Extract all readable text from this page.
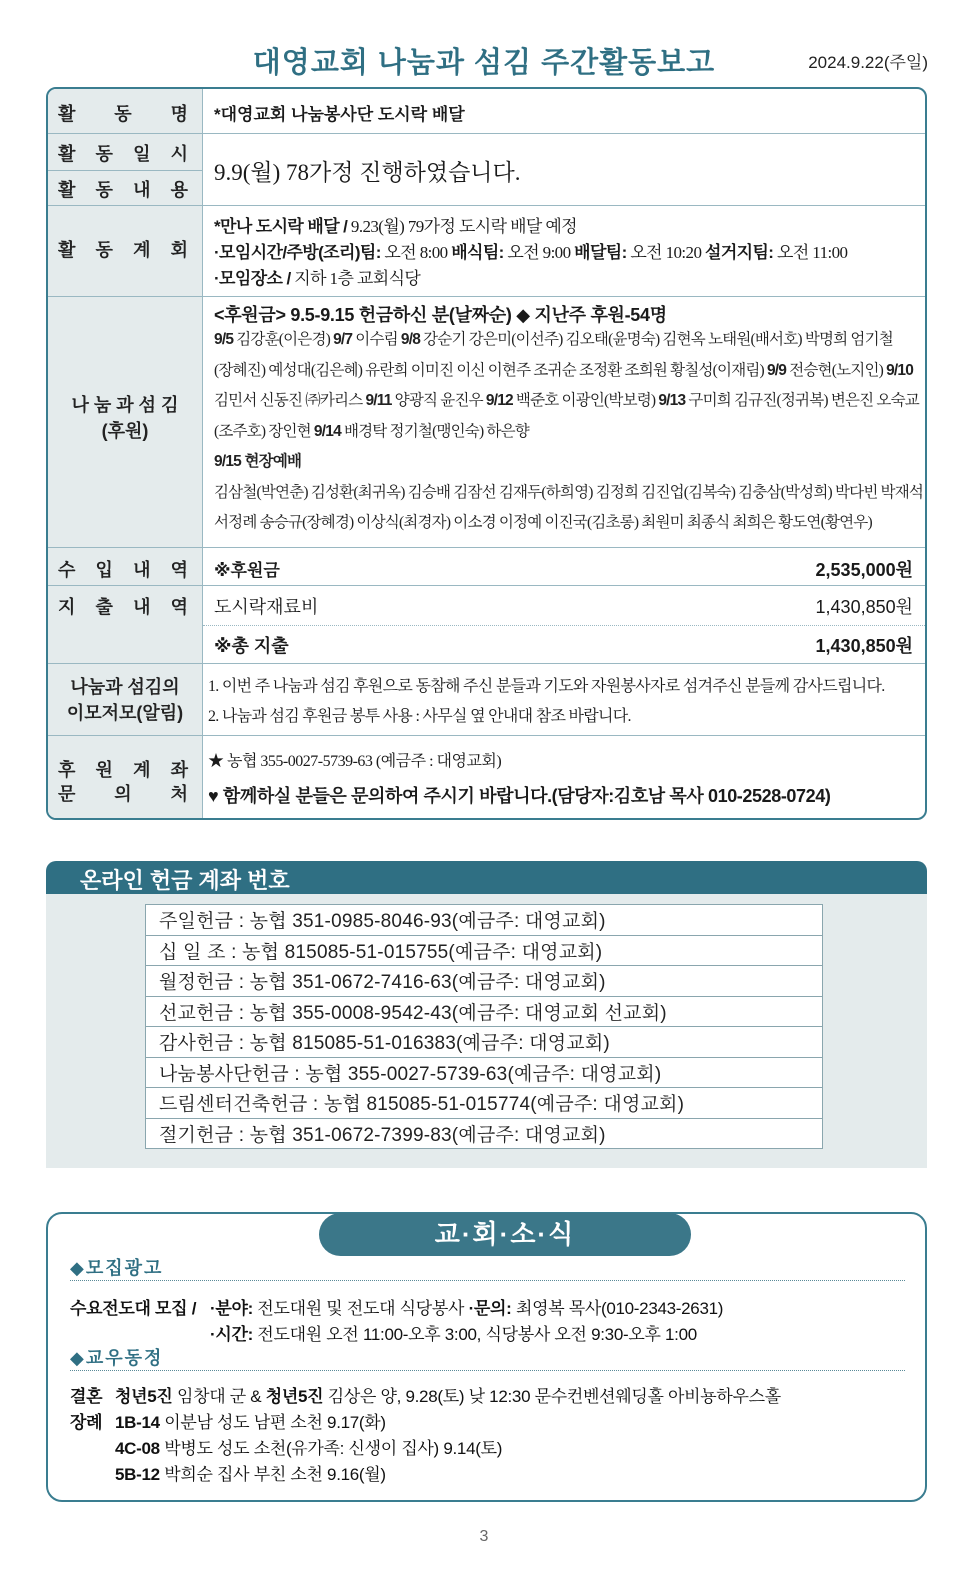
대영교회 나눔과 섬김 주간활동보고	2024.9.22(주일)
활 동 명 *대영교회 나눔봉사단 도시락 배달
활 동 일 시
활 동 내 용
9.9(월) 78가정 진행하였습니다.
활 동 계 회
*만나 도시락 배달 / 9.23(월) 79가정 도시락 배달 예정
·모임시간/주방(조리)팀: 오전 8:00 배식팀: 오전 9:00 배달팀: 오전 10:20 설거지팀: 오전 11:00
·모임장소 / 지하 1층 교회식당
나 눔 과 섬 김
(후원)
<후원금> 9.5-9.15 헌금하신 분(날짜순) ◆ 지난주 후원-54명
9/5 김강훈(이은경) 9/7 이수림 9/8 강순기 강은미(이선주) 김오태(윤명숙) 김현옥 노태원(배서호) 박명희 엄기철
(장혜진) 예성대(김은혜) 유란희 이미진 이신 이현주 조귀순 조정환 조희원 황칠성(이재림) 9/9 전승현(노지인) 9/10
김민서 신동진 ㈜카리스 9/11 양광직 윤진우 9/12 백준호 이광인(박보령) 9/13 구미희 김규진(정귀복) 변은진 오숙교
(조주호) 장인현 9/14 배경탁 정기철(맹인숙) 하은향
9/15 현장예배
김삼철(박연춘) 김성환(최귀옥) 김승배 김잠선 김재두(하희영) 김정희 김진업(김복숙) 김충삼(박성희) 박다빈 박재석
서정례 송승규(장혜경) 이상식(최경자) 이소경 이정예 이진국(김초롱) 최원미 최종식 최희은 황도연(황연우)
수 입 내 역 ※후원금	2,535,000원
지 출 내 역 도시락재료비	1,430,850원
※총 지출	1,430,850원
나눔과 섬김의
이모저모(알림)
1. 이번 주 나눔과 섬김 후원으로 동참해 주신 분들과 기도와 자원봉사자로 섬겨주신 분들께 감사드립니다.
2. 나눔과 섬김 후원금 봉투 사용 : 사무실 옆 안내대 참조 바랍니다.
후 원 계 좌
문 의 처
★ 농협 355-0027-5739-63 (예금주 : 대영교회)
♥ 함께하실 분들은 문의하여 주시기 바랍니다.(담당자:김호남 목사 010-2528-0724)
온라인 헌금 계좌 번호
주일헌금 : 농협 351-0985-8046-93(예금주: 대영교회)
십 일 조 : 농협 815085-51-015755(예금주: 대영교회)
월정헌금 : 농협 351-0672-7416-63(예금주: 대영교회)
선교헌금 : 농협 355-0008-9542-43(예금주: 대영교회 선교회)
감사헌금 : 농협 815085-51-016383(예금주: 대영교회)
나눔봉사단헌금 : 농협 355-0027-5739-63(예금주: 대영교회)
드림센터건축헌금 : 농협 815085-51-015774(예금주: 대영교회)
절기헌금 : 농협 351-0672-7399-83(예금주: 대영교회)
교·회·소·식
◆모집광고
수요전도대 모집 / ·분야: 전도대원 및 전도대 식당봉사 ·문의: 최영복 목사(010-2343-2631)
·시간: 전도대원 오전 11:00-오후 3:00, 식당봉사 오전 9:30-오후 1:00
◆교우동정
결혼 청년5진 임창대 군 & 청년5진 김상은 양, 9.28(토) 낮 12:30 문수컨벤션웨딩홀 아비뇽하우스홀
장례 1B-14 이분남 성도 남편 소천 9.17(화)
4C-08 박병도 성도 소천(유가족: 신생이 집사) 9.14(토)
5B-12 박희순 집사 부친 소천 9.16(월)
3
